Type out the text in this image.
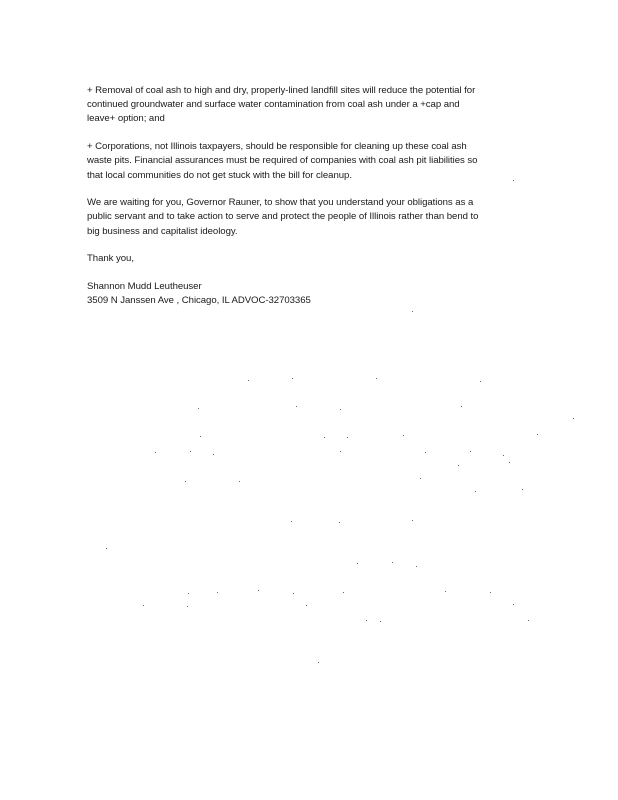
+ Removal of coal ash to high and dry, properly-lined landfill sites will reduce the potential for
continued groundwater and surface water contamination from coal ash under a +cap and
leave+ option; and

+ Corporations, not Illinois taxpayers, should be responsible for cleaning up these coal ash
waste pits. Financial assurances must be required of companies with coal ash pit liabilities so
that local communities do not get stuck with the bill for cleanup.

We are waiting for you, Governor Rauner, to show that you understand your obligations as a
public servant and to take action to serve and protect the people of Illinois rather than bend to
big business and capitalist ideology.

Thank you,

Shannon Mudd Leutheuser
3509 N Janssen Ave , Chicago, IL ADVOC-32703365
